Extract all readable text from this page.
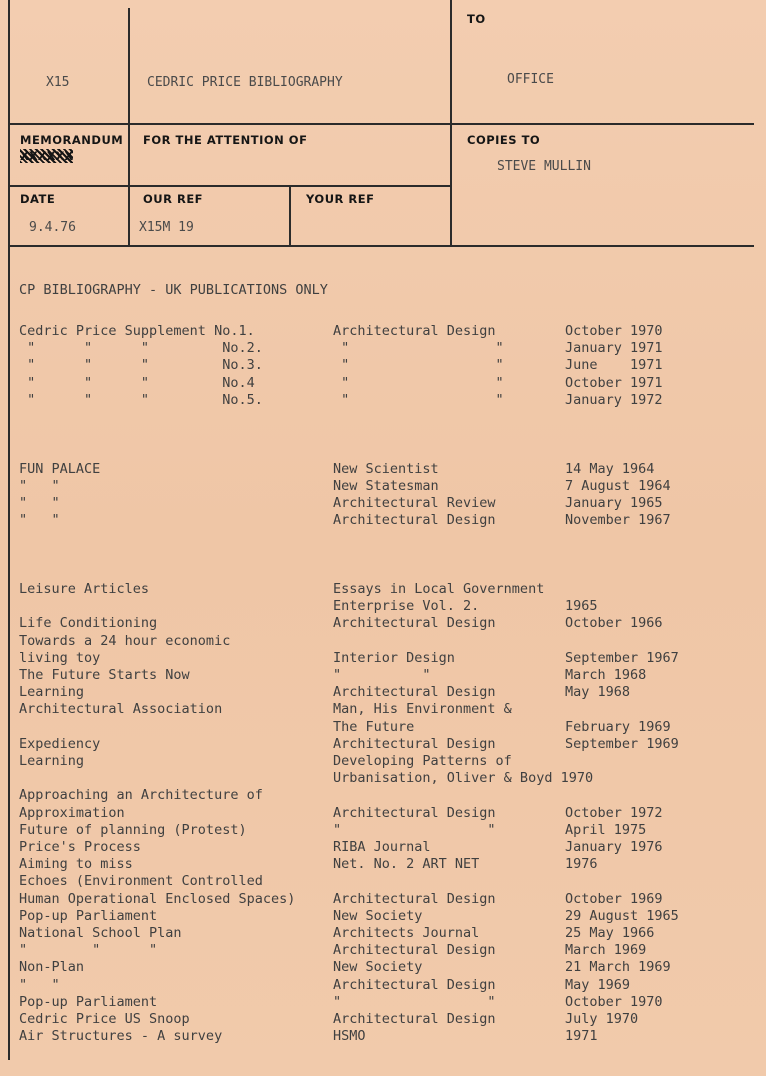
TO
X15	CEDRIC PRICE BIBLIOGRAPHY	OFFICE
MEMORANDUM
XXXXXX
FOR THE ATTENTION OF	COPIES TO
STEVE MULLIN
DATE	OUR REF	YOUR REF
9.4.76	X15M 19
CP BIBLIOGRAPHY - UK PUBLICATIONS ONLY
Cedric Price Supplement No.1.	Architectural Design	October 1970
"      "      "         No.2.	"                  "	January 1971
"      "      "         No.3.	"                  "	June    1971
"      "      "         No.4	"                  "	October 1971
"      "      "         No.5.	"                  "	January 1972
FUN PALACE	New Scientist	14 May 1964
"   "	New Statesman	7 August 1964
"   "	Architectural Review	January 1965
"   "	Architectural Design	November 1967
Leisure Articles	Essays in Local Government
Enterprise Vol. 2.	1965
Life Conditioning	Architectural Design	October 1966
Towards a 24 hour economic
living toy	Interior Design	September 1967
The Future Starts Now	"          "	March 1968
Learning	Architectural Design	May 1968
Architectural Association	Man, His Environment &
The Future	February 1969
Expediency	Architectural Design	September 1969
Learning	Developing Patterns of
Urbanisation, Oliver & Boyd 1970
Approaching an Architecture of
Approximation	Architectural Design	October 1972
Future of planning (Protest)	"                  "	April 1975
Price's Process	RIBA Journal	January 1976
Aiming to miss	Net. No. 2 ART NET	1976
Echoes (Environment Controlled
Human Operational Enclosed Spaces)	Architectural Design	October 1969
Pop-up Parliament	New Society	29 August 1965
National School Plan	Architects Journal	25 May 1966
"        "      "	Architectural Design	March 1969
Non-Plan	New Society	21 March 1969
"   "	Architectural Design	May 1969
Pop-up Parliament	"                  "	October 1970
Cedric Price US Snoop	Architectural Design	July 1970
Air Structures - A survey	HSMO	1971
